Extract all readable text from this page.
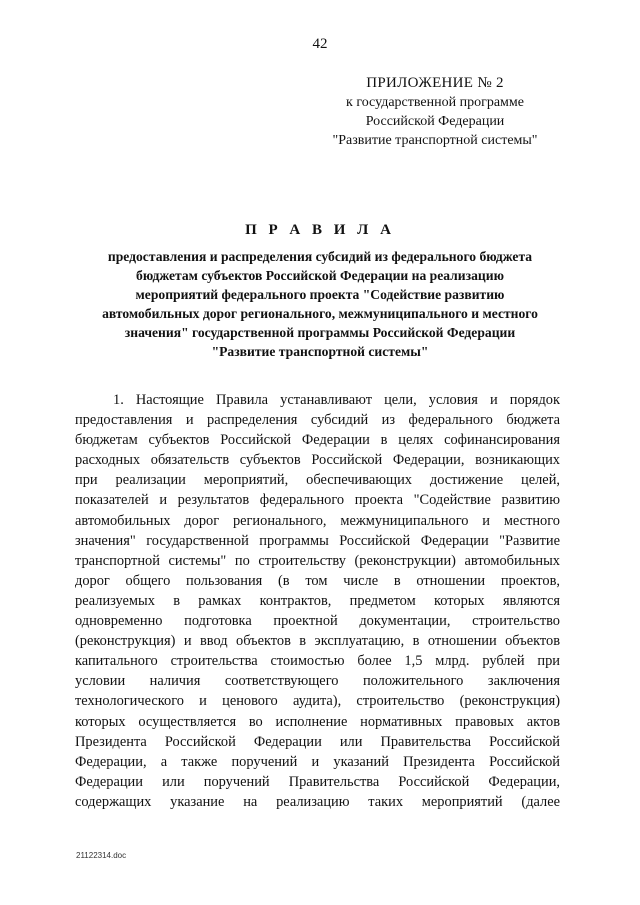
42
ПРИЛОЖЕНИЕ № 2
к государственной программе
Российской Федерации
"Развитие транспортной системы"
П Р А В И Л А
предоставления и распределения субсидий из федерального бюджета
бюджетам субъектов Российской Федерации на реализацию
мероприятий федерального проекта "Содействие развитию
автомобильных дорог регионального, межмуниципального и местного
значения" государственной программы Российской Федерации
"Развитие транспортной системы"
1. Настоящие Правила устанавливают цели, условия и порядок
предоставления и распределения субсидий из федерального бюджета
бюджетам субъектов Российской Федерации в целях софинансирования
расходных обязательств субъектов Российской Федерации, возникающих
при реализации мероприятий, обеспечивающих достижение целей,
показателей и результатов федерального проекта "Содействие развитию
автомобильных дорог регионального, межмуниципального и местного
значения" государственной программы Российской Федерации "Развитие
транспортной системы" по строительству (реконструкции) автомобильных
дорог общего пользования (в том числе в отношении проектов,
реализуемых в рамках контрактов, предметом которых являются
одновременно подготовка проектной документации, строительство
(реконструкция) и ввод объектов в эксплуатацию, в отношении объектов
капитального строительства стоимостью более 1,5 млрд. рублей при
условии наличия соответствующего положительного заключения
технологического и ценового аудита), строительство (реконструкция)
которых осуществляется во исполнение нормативных правовых актов
Президента Российской Федерации или Правительства Российской
Федерации, а также поручений и указаний Президента Российской
Федерации или поручений Правительства Российской Федерации,
содержащих указание на реализацию таких мероприятий (далее
21122314.doc
